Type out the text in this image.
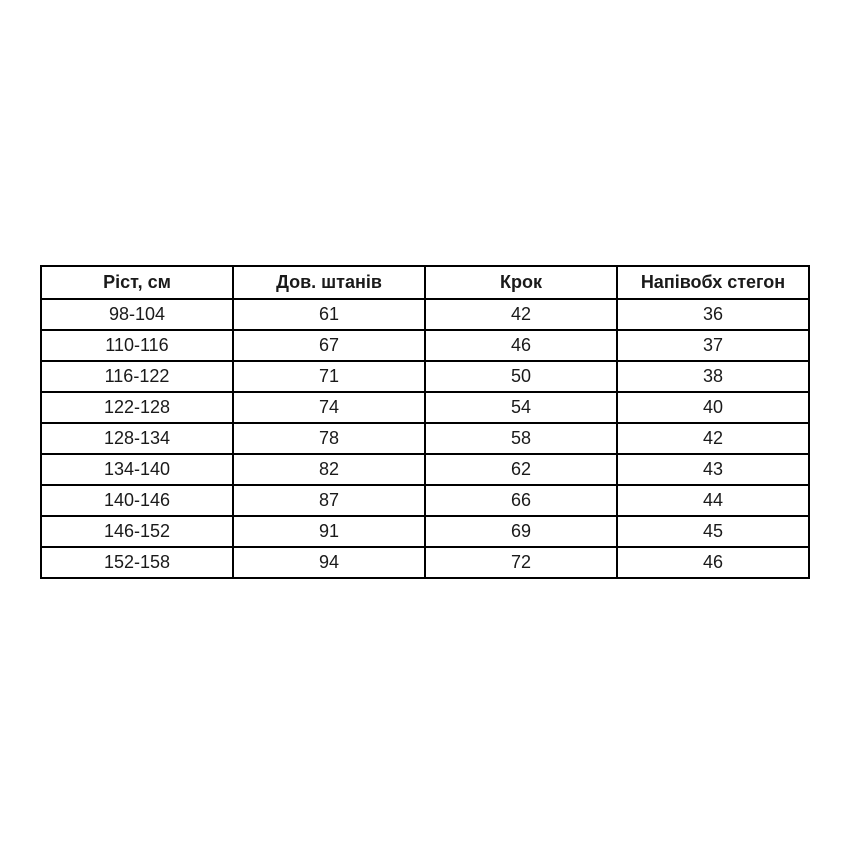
Ріст, см	Дов. штанів	Крок	Напівобх стегон
98-104	61	42	36
110-116	67	46	37
116-122	71	50	38
122-128	74	54	40
128-134	78	58	42
134-140	82	62	43
140-146	87	66	44
146-152	91	69	45
152-158	94	72	46
